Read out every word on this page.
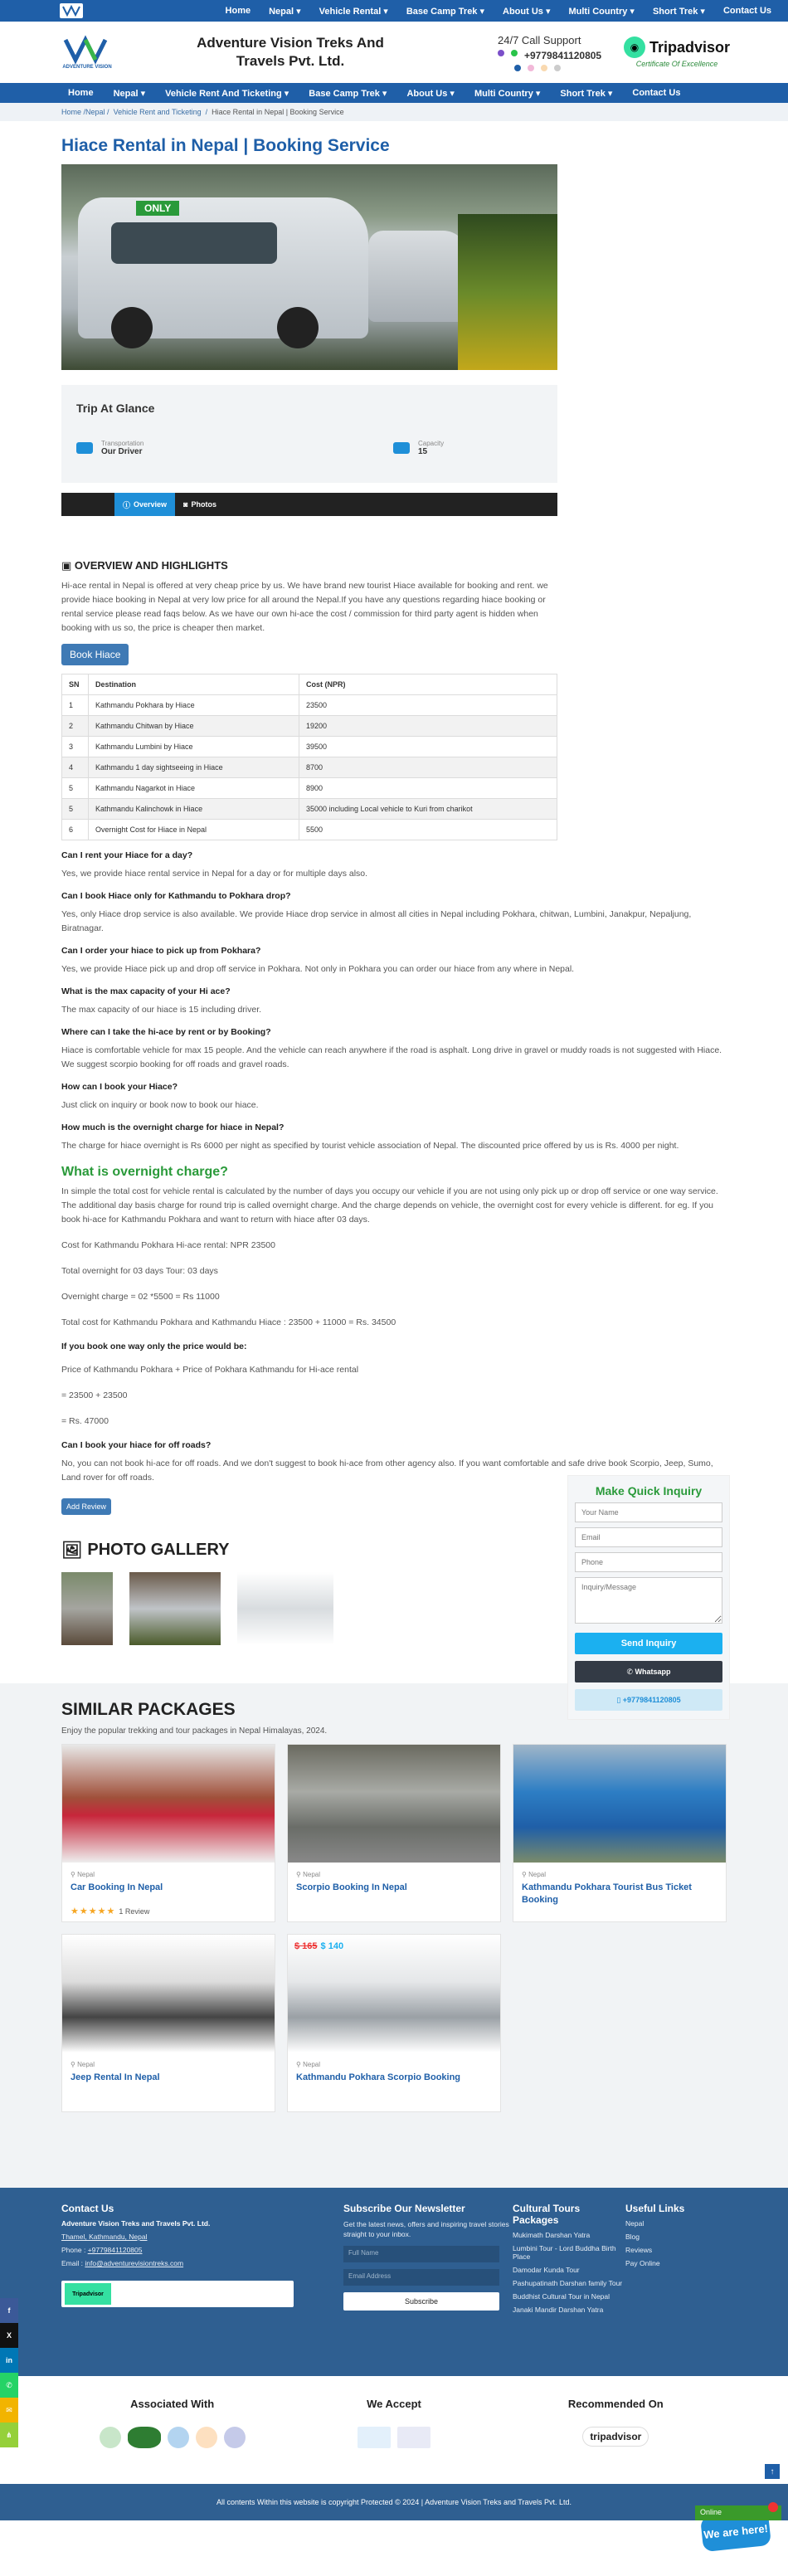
Home Nepal ▾ Vehicle Rental ▾ Base Camp Trek ▾ About Us ▾ Multi Country ▾ Short Trek ▾ Contact Us
ADVENTURE VISION
Adventure Vision Treks And Travels Pvt. Ltd.
24/7 Call Support
+9779841120805
◉ Tripadvisor
Certificate Of Excellence
Home	Nepal ▾	Vehicle Rent And Ticketing ▾	Base Camp Trek ▾	About Us ▾	Multi Country ▾	Short Trek ▾	Contact Us
Home / Nepal / Vehicle Rent and Ticketing / Hiace Rental in Nepal | Booking Service
Hiace Rental in Nepal | Booking Service
ONLY
Trip At Glance
Transportation
Our Driver
Capacity
15
ⓘ Overview ◙ Photos
▣ OVERVIEW AND HIGHLIGHTS

Hi-ace rental in Nepal is offered at very cheap price by us. We have brand new tourist Hiace available for booking and rent. we provide hiace booking in Nepal at very low price for all around the Nepal.If you have any questions regarding hiace booking or rental service please read faqs below. As we have our own hi-ace the cost / commission for third party agent is hidden when booking with us so, the price is cheaper then market.

Book Hiace
SN	Destination	Cost (NPR)
1	Kathmandu Pokhara by Hiace	23500
2	Kathmandu Chitwan by Hiace	19200
3	Kathmandu Lumbini by Hiace	39500
4	Kathmandu 1 day sightseeing in Hiace	8700
5	Kathmandu Nagarkot in Hiace	8900
5	Kathmandu Kalinchowk in Hiace	35000 including Local vehicle to Kuri from charikot
6	Overnight Cost for Hiace in Nepal	5500
Can I rent your Hiace for a day?

Yes, we provide hiace rental service in Nepal for a day or for multiple days also.

Can I book Hiace only for Kathmandu to Pokhara drop?

Yes, only Hiace drop service is also available. We provide Hiace drop service in almost all cities in Nepal including Pokhara, chitwan, Lumbini, Janakpur, Nepaljung, Biratnagar.

Can I order your hiace to pick up from Pokhara?

Yes, we provide Hiace pick up and drop off service in Pokhara. Not only in Pokhara you can order our hiace from any where in Nepal.

What is the max capacity of your Hi ace?

The max capacity of our hiace is 15 including driver.

Where can I take the hi-ace by rent or by Booking?

Hiace is comfortable vehicle for max 15 people. And the vehicle can reach anywhere if the road is asphalt. Long drive in gravel or muddy roads is not suggested with Hiace. We suggest scorpio booking for off roads and gravel roads.

How can I book your Hiace?

Just click on inquiry or book now to book our hiace.

How much is the overnight charge for hiace in Nepal?

The charge for hiace overnight is Rs 6000 per night as specified by tourist vehicle association of Nepal. The discounted price offered by us is Rs. 4000 per night.

What is overnight charge?

In simple the total cost for vehicle rental is calculated by the number of days you occupy our vehicle if you are not using only pick up or drop off service or one way service. The additional day basis charge for round trip is called overnight charge. And the charge depends on vehicle, the overnight cost for every vehicle is different. for eg. If you book hi-ace for Kathmandu Pokhara and want to return with hiace after 03 days.

Cost for Kathmandu Pokhara Hi-ace rental: NPR 23500

Total overnight for 03 days Tour: 03 days

Overnight charge = 02 *5500 = Rs 11000

Total cost for Kathmandu Pokhara and Kathmandu Hiace : 23500 + 11000 = Rs. 34500

If you book one way only the price would be:

Price of Kathmandu Pokhara + Price of Pokhara Kathmandu for Hi-ace rental

= 23500 + 23500

= Rs. 47000

Can I book your hiace for off roads?

No, you can not book hi-ace for off roads. And we don't suggest to book hi-ace from other agency also. If you want comfortable and safe drive book Scorpio, Jeep, Sumo, Land rover for off roads.

Add Review
🖼 PHOTO GALLERY
Make Quick Inquiry
Your Name Email Phone Inquiry/Message
Send Inquiry
✆ Whatsapp
▯ +9779841120805
SIMILAR PACKAGES
Enjoy the popular trekking and tour packages in Nepal Himalayas, 2024.
⚲ Nepal
Car Booking In Nepal
★★★★★ 1 Review
⚲ Nepal
Scorpio Booking In Nepal
⚲ Nepal
Kathmandu Pokhara Tourist Bus Ticket Booking
⚲ Nepal
Jeep Rental In Nepal
$ 165 $ 140
⚲ Nepal
Kathmandu Pokhara Scorpio Booking
Contact Us
Adventure Vision Treks and Travels Pvt. Ltd.
Thamel, Kathmandu, Nepal
Phone : +9779841120805
Email : info@adventurevisiontreks.com
Tripadvisor
Subscribe Our Newsletter
Get the latest news, offers and inspiring travel stories straight to your inbox.
Full Name
Email Address
Subscribe
Cultural Tours Packages
Mukimath Darshan Yatra
Lumbini Tour - Lord Buddha Birth Place
Damodar Kunda Tour
Pashupatinath Darshan family Tour
Buddhist Cultural Tour in Nepal
Janaki Mandir Darshan Yatra
Useful Links
Nepal
Blog
Reviews
Pay Online
Associated With	We Accept	Recommended On
tripadvisor
We are here!
All contents Within this website is copyright Protected © 2024 | Adventure Vision Treks and Travels Pvt. Ltd.
Online
↑
f
X
in
✆
✉
⋔
